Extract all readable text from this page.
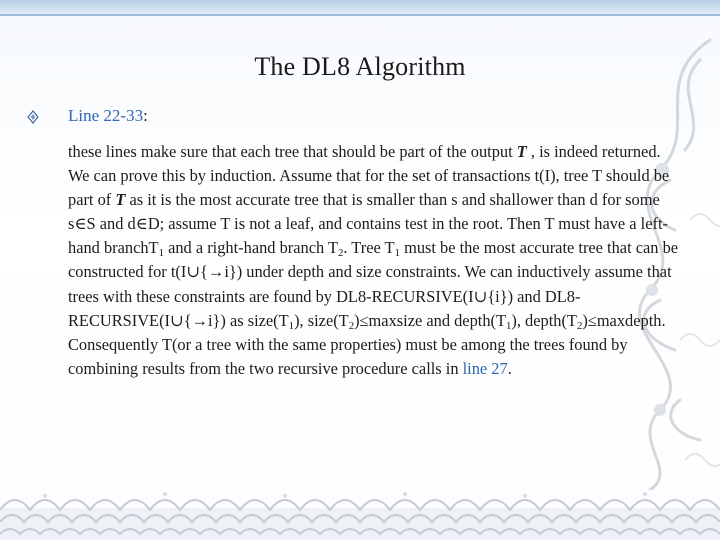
The DL8 Algorithm
Line 22-33:
these lines make sure that each tree that should be part of the output T , is indeed returned. We can prove this by induction. Assume that for the set of transactions t(I), tree T should be part of T as it is the most accurate tree that is smaller than s and shallower than d for some s∈S and d∈D; assume T is not a leaf, and contains test in the root. Then T must have a left-hand branchT$_1$ and a right-hand branch $T_2$. Tree $T_1$ must be the most accurate tree that can be constructed for t(I∪{→i}) under depth and size constraints. We can inductively assume that trees with these constraints are found by DL8-RECURSIVE(I∪{i}) and DL8-RECURSIVE(I∪{→i}) as $size(T_1)$, $size(T_2)\le maxsize$ and $depth(T_1)$, $depth(T_2)\le maxdepth$. Consequently T(or a tree with the same properties) must be among the trees found by combining results from the two recursive procedure calls in line 27.
